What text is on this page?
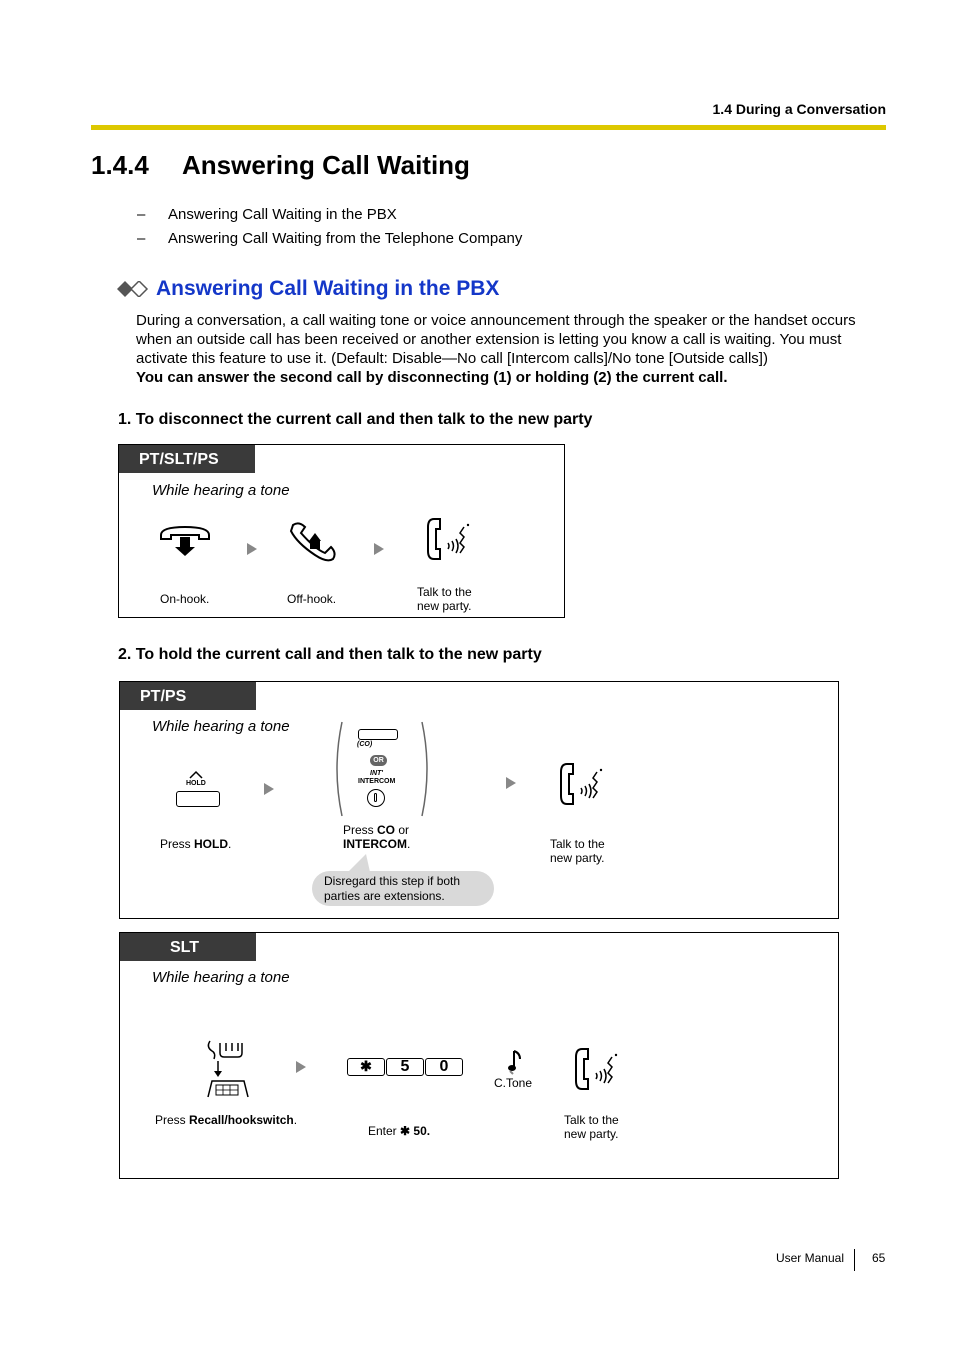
1.4 During a Conversation
1.4.4 Answering Call Waiting
– Answering Call Waiting in the PBX
– Answering Call Waiting from the Telephone Company
Answering Call Waiting in the PBX

During a conversation, a call waiting tone or voice announcement through the speaker or the handset occurs when an outside call has been received or another extension is letting you know a call is waiting. You must activate this feature to use it. (Default: Disable—No call [Intercom calls]/No tone [Outside calls])

You can answer the second call by disconnecting (1) or holding (2) the current call.

1. To disconnect the current call and then talk to the new party
PT/SLT/PS
While hearing a tone
On-hook.	Off-hook.	Talk to the
new party.
2. To hold the current call and then talk to the new party
PT/PS
While hearing a tone
HOLD
(CO)
OR
INT'
INTERCOM
Press HOLD.
Press CO or
INTERCOM.	Talk to the
new party.
Disregard this step if both
parties are extensions.
SLT
While hearing a tone
✱	5	0
C.Tone
Press Recall/hookswitch.
Enter ✱ 50.
Talk to the
new party.
User Manual 65
